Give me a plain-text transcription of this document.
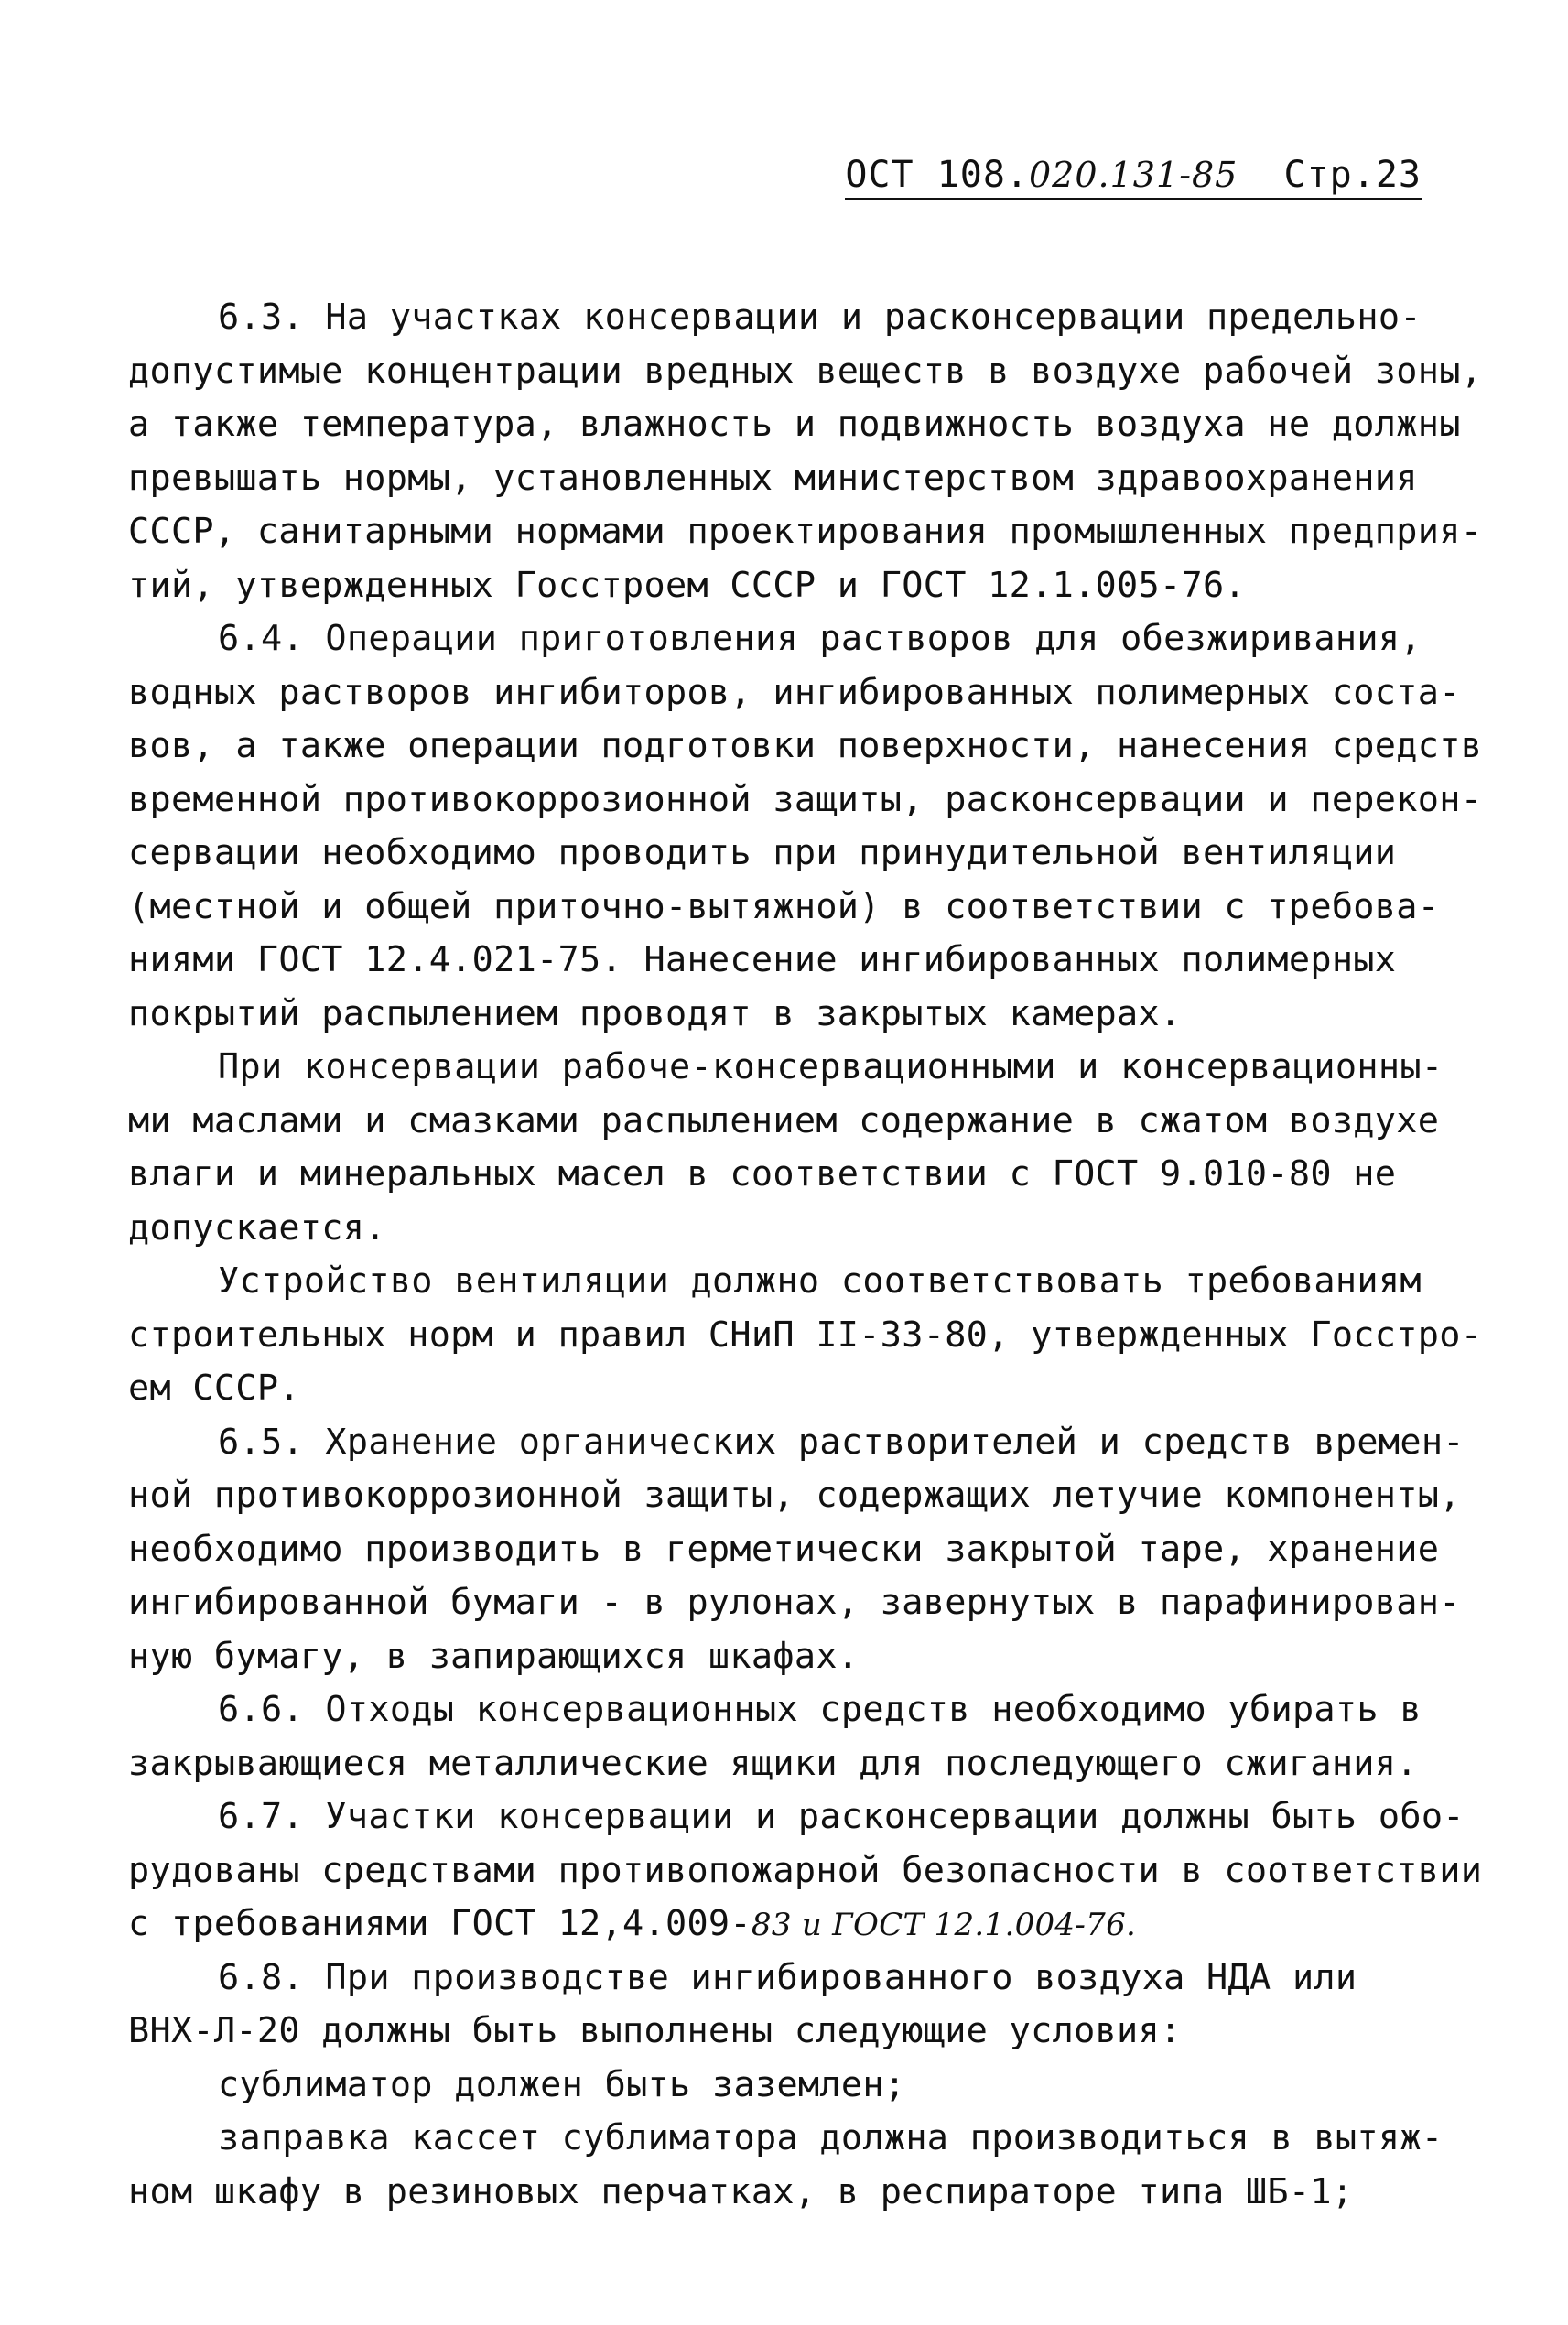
ОСТ 108.020.131-85 Стр.23
6.3. На участках консервации и расконсервации предельно-
допустимые концентрации вредных веществ в воздухе рабочей зоны,
а также температура, влажность и подвижность воздуха не должны
превышать нормы, установленных министерством здравоохранения
СССР, санитарными нормами проектирования промышленных предприя-
тий, утвержденных Госстроем СССР и ГОСТ 12.1.005-76.
6.4. Операции приготовления растворов для обезжиривания,
водных растворов ингибиторов, ингибированных полимерных соста-
вов, а также операции подготовки поверхности, нанесения средств
временной противокоррозионной защиты, расконсервации и перекон-
сервации необходимо проводить при принудительной вентиляции
(местной и общей приточно-вытяжной) в соответствии с требова-
ниями ГОСТ 12.4.021-75. Нанесение ингибированных полимерных
покрытий распылением проводят в закрытых камерах.
При консервации рабоче-консервационными и консервационны-
ми маслами и смазками распылением содержание в сжатом воздухе
влаги и минеральных масел в соответствии с ГОСТ 9.010-80 не
допускается.
Устройство вентиляции должно соответствовать требованиям
строительных норм и правил СНиП II-33-80, утвержденных Госстро-
ем СССР.
6.5. Хранение органических растворителей и средств времен-
ной противокоррозионной защиты, содержащих летучие компоненты,
необходимо производить в герметически закрытой таре, хранение
ингибированной бумаги - в рулонах, завернутых в парафинирован-
ную бумагу, в запирающихся шкафах.
6.6. Отходы консервационных средств необходимо убирать в
закрывающиеся металлические ящики для последующего сжигания.
6.7. Участки консервации и расконсервации должны быть обо-
рудованы средствами противопожарной безопасности в соответствии
с требованиями ГОСТ 12,4.009-83 и ГОСТ 12.1.004-76.
6.8. При производстве ингибированного воздуха НДА или
ВНХ-Л-20 должны быть выполнены следующие условия:
сублиматор должен быть заземлен;
заправка кассет сублиматора должна производиться в вытяж-
ном шкафу в резиновых перчатках, в респираторе типа ШБ-1;
